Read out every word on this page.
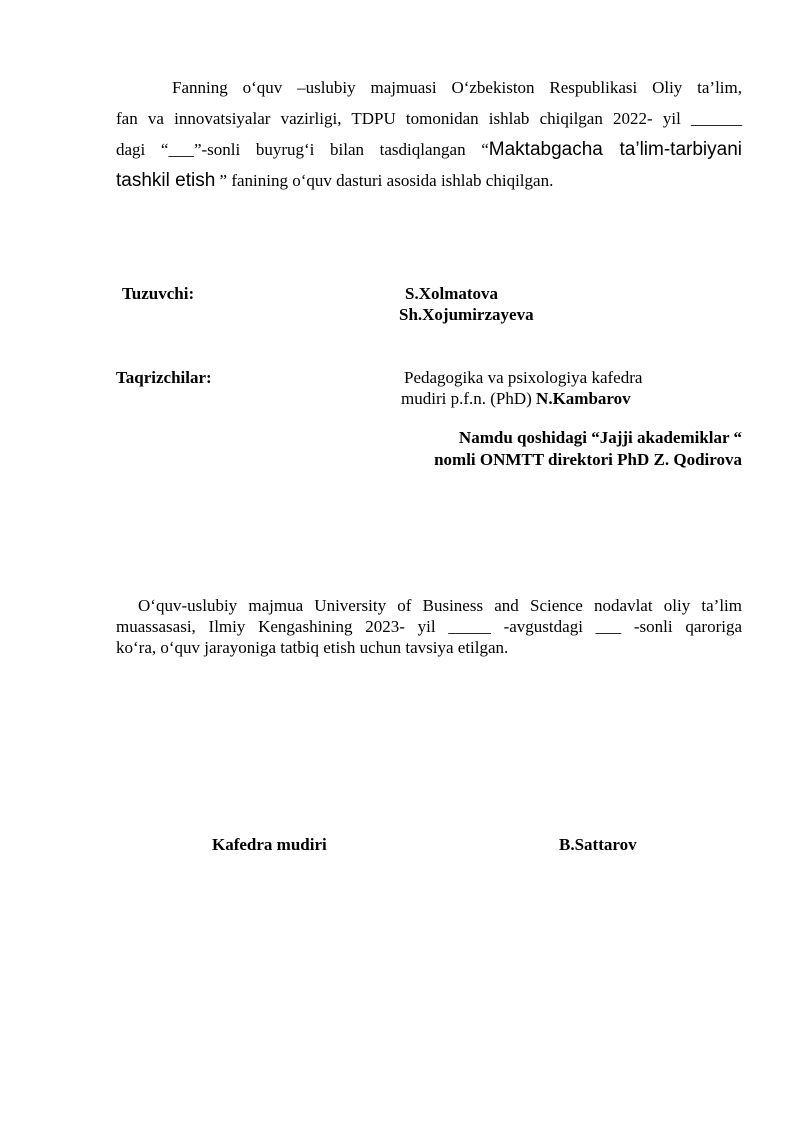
Fanning o‘quv –uslubiy majmuasi O‘zbekiston Respublikasi Oliy ta’lim,
fan va innovatsiyalar vazirligi, TDPU tomonidan ishlab chiqilgan 2022- yil ______
dagi “___”-sonli buyrug‘i bilan tasdiqlangan “Maktabgacha ta’lim-tarbiyani
tashkil etish ” fanining o‘quv dasturi asosida ishlab chiqilgan.
Tuzuvchi:	S.Xolmatova
Sh.Xojumirzayeva
Taqrizchilar:	Pedagogika va psixologiya kafedra
mudiri p.f.n. (PhD) N.Kambarov
Namdu qoshidagi “Jajji akademiklar “
nomli ONMTT direktori PhD Z. Qodirova
O‘quv-uslubiy majmua University of Business and Science nodavlat oliy ta’lim
muassasasi, Ilmiy Kengashining 2023- yil _____ -avgustdagi ___ -sonli qaroriga
ko‘ra, o‘quv jarayoniga tatbiq etish uchun tavsiya etilgan.
Kafedra mudiri	B.Sattarov
